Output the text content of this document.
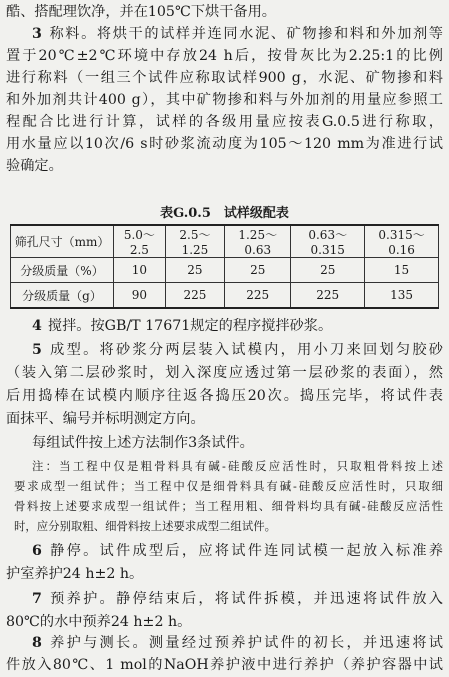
酷、搭配理饮净，并在105℃下烘干备用。
3 称料。将烘干的试样并连同水泥、矿物掺和料和外加剂等
置于20℃±2℃环境中存放24 h后，按骨灰比为2.25:1的比例
进行称料（一组三个试件应称取试样900 g，水泥、矿物掺和料
和外加剂共计400 g），其中矿物掺和料与外加剂的用量应参照工
程配合比进行计算，试样的各级用量应按表G.0.5进行称取，
用水量应以10次/6 s时砂浆流动度为105～120 mm为准进行试
验确定。
表G.0.5　试样级配表
筛孔尺寸（mm）	5.0～2.5	2.5～1.25	1.25～0.63	0.63～0.315	0.315～0.16
分级质量（%）	10	25	25	25	15
分级质量（g）	90	225	225	225	135
4 搅拌。按GB/T 17671规定的程序搅拌砂浆。
5 成型。将砂浆分两层装入试模内，用小刀来回划匀胶砂
（装入第二层砂浆时，划入深度应透过第一层砂浆的表面），然
后用捣棒在试模内顺序往返各捣压20次。捣压完毕，将试件表
面抹平、编号并标明测定方向。
每组试件按上述方法制作3条试件。
注：当工程中仅是粗骨料具有碱-硅酸反应活性时，只取粗骨料按上述
要求成型一组试件；当工程中仅是细骨料具有碱-硅酸反应活性时，只取细
骨料按上述要求成型一组试件；当工程用粗、细骨料均具有碱-硅酸反应活性
时，应分别取粗、细骨料按上述要求成型二组试件。
6 静停。试件成型后，应将试件连同试模一起放入标准养
护室养护24 h±2 h。
7 预养护。静停结束后，将试件拆模，并迅速将试件放入
80℃的水中预养24 h±2 h。
8 养护与测长。测量经过预养护试件的初长，并迅速将试
件放入80℃、1 mol的NaOH养护液中进行养护（养护容器中试
